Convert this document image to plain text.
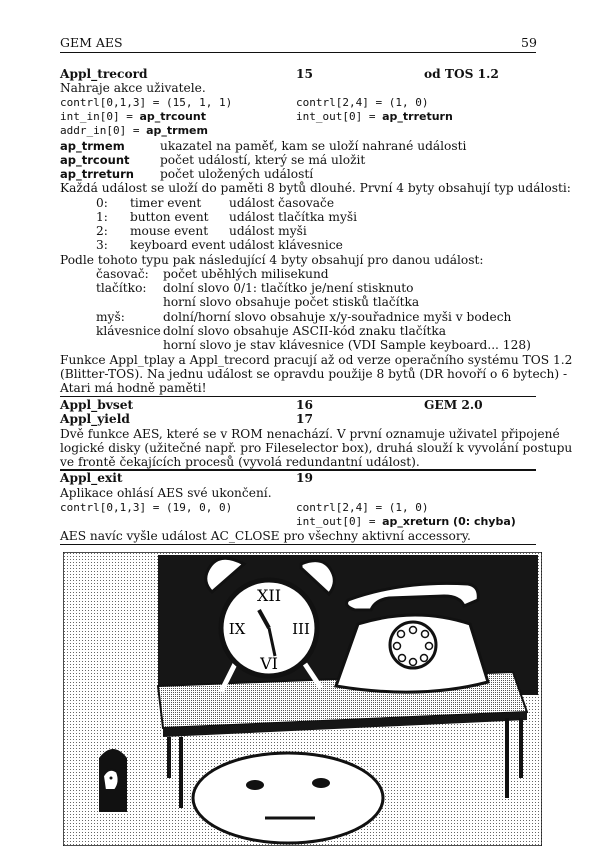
GEM AES	59
Appl_trecord	15	od TOS 1.2
Nahraje akce uživatele.
contrl[0,1,3] = (15, 1, 1)	contrl[2,4] = (1, 0)
int_in[0] = ap_trcount	int_out[0] = ap_trreturn
addr_in[0] = ap_trmem
ap_trmem	ukazatel na paměť, kam se uloží nahrané události
ap_trcount	počet událostí, který se má uložit
ap_trreturn počet uložených událostí
Každá událost se uloží do paměti 8 bytů dlouhé. První 4 byty obsahují typ události:
0: timer event událost časovače
1: button event událost tlačítka myši
2: mouse event událost myši
3: keyboard event událost klávesnice
Podle tohoto typu pak následující 4 byty obsahují pro danou událost:
časovač: počet uběhlých milisekund
tlačítko: dolní slovo 0/1: tlačítko je/není stisknuto
horní slovo obsahuje počet stisků tlačítka
myš:	dolní/horní slovo obsahuje x/y-souřadnice myši v bodech
klávesnice dolní slovo obsahuje ASCII-kód znaku tlačítka
horní slovo je stav klávesnice (VDI Sample keyboard... 128)
Funkce Appl_tplay a Appl_trecord pracují až od verze operačního systému TOS 1.2
(Blitter-TOS). Na jednu událost se opravdu použije 8 bytů (DR hovoří o 6 bytech) -
Atari má hodně paměti!
Appl_bvset	16	GEM 2.0
Appl_yield	17
Dvě funkce AES, které se v ROM nenachází. V první oznamuje uživatel připojené
logické disky (užitečné např. pro Fileselector box), druhá slouží k vyvolání postupu
ve frontě čekajících procesů (vyvolá redundantní událost).
Appl_exit	19
Aplikace ohlásí AES své ukončení.
contrl[0,1,3] = (19, 0, 0)	contrl[2,4] = (1, 0)
int_out[0] = ap_xreturn (0: chyba)
AES navíc vyšle událost AC_CLOSE pro všechny aktivní accessory.
XII
III
VI
IX
